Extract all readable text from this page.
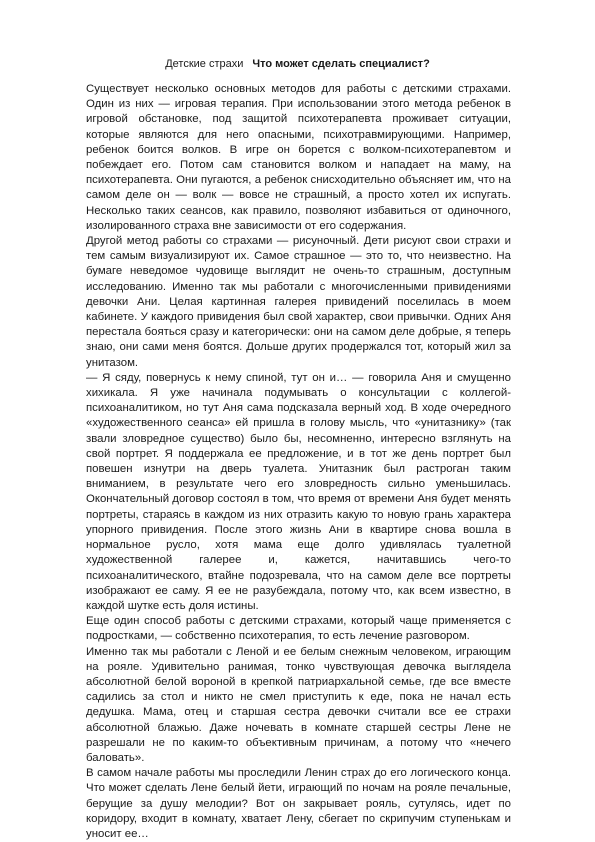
Детские страхи Что может сделать специалист?

Существует несколько основных методов для работы с детскими страхами. Один из них — игровая терапия. При использовании этого метода ребенок в игровой обстановке, под защитой психотерапевта проживает ситуации, которые являются для него опасными, психотравмирующими. Например, ребенок боится волков. В игре он борется с волком-психотерапевтом и побеждает его. Потом сам становится волком и нападает на маму, на психотерапевта. Они пугаются, а ребенок снисходительно объясняет им, что на самом деле он — волк — вовсе не страшный, а просто хотел их испугать. Несколько таких сеансов, как правило, позволяют избавиться от одиночного, изолированного страха вне зависимости от его содержания.

Другой метод работы со страхами — рисуночный. Дети рисуют свои страхи и тем самым визуализируют их. Самое страшное — это то, что неизвестно. На бумаге неведомое чудовище выглядит не очень-то страшным, доступным исследованию. Именно так мы работали с многочисленными привидениями девочки Ани. Целая картинная галерея привидений поселилась в моем кабинете. У каждого привидения был свой характер, свои привычки. Одних Аня перестала бояться сразу и категорически: они на самом деле добрые, я теперь знаю, они сами меня боятся. Дольше других продержался тот, который жил за унитазом.

— Я сяду, повернусь к нему спиной, тут он и… — говорила Аня и смущенно хихикала. Я уже начинала подумывать о консультации с коллегой-психоаналитиком, но тут Аня сама подсказала верный ход. В ходе очередного «художественного сеанса» ей пришла в голову мысль, что «унитазнику» (так звали зловредное существо) было бы, несомненно, интересно взглянуть на свой портрет. Я поддержала ее предложение, и в тот же день портрет был повешен изнутри на дверь туалета. Унитазник был растроган таким вниманием, в результате чего его зловредность сильно уменьшилась. Окончательный договор состоял в том, что время от времени Аня будет менять портреты, стараясь в каждом из них отразить какую то новую грань характера упорного привидения. После этого жизнь Ани в квартире снова вошла в нормальное русло, хотя мама еще долго удивлялась туалетной художественной галерее и, кажется, начитавшись чего-то психоаналитического, втайне подозревала, что на самом деле все портреты изображают ее саму. Я ее не разубеждала, потому что, как всем известно, в каждой шутке есть доля истины.

Еще один способ работы с детскими страхами, который чаще применяется с подростками, — собственно психотерапия, то есть лечение разговором.

Именно так мы работали с Леной и ее белым снежным человеком, играющим на рояле. Удивительно ранимая, тонко чувствующая девочка выглядела абсолютной белой вороной в крепкой патриархальной семье, где все вместе садились за стол и никто не смел приступить к еде, пока не начал есть дедушка. Мама, отец и старшая сестра девочки считали все ее страхи абсолютной блажью. Даже ночевать в комнате старшей сестры Лене не разрешали не по каким-то объективным причинам, а потому что «нечего баловать».

В самом начале работы мы проследили Ленин страх до его логического конца. Что может сделать Лене белый йети, играющий по ночам на рояле печальные, берущие за душу мелодии? Вот он закрывает рояль, сутулясь, идет по коридору, входит в комнату, хватает Лену, сбегает по скрипучим ступенькам и уносит ее…
